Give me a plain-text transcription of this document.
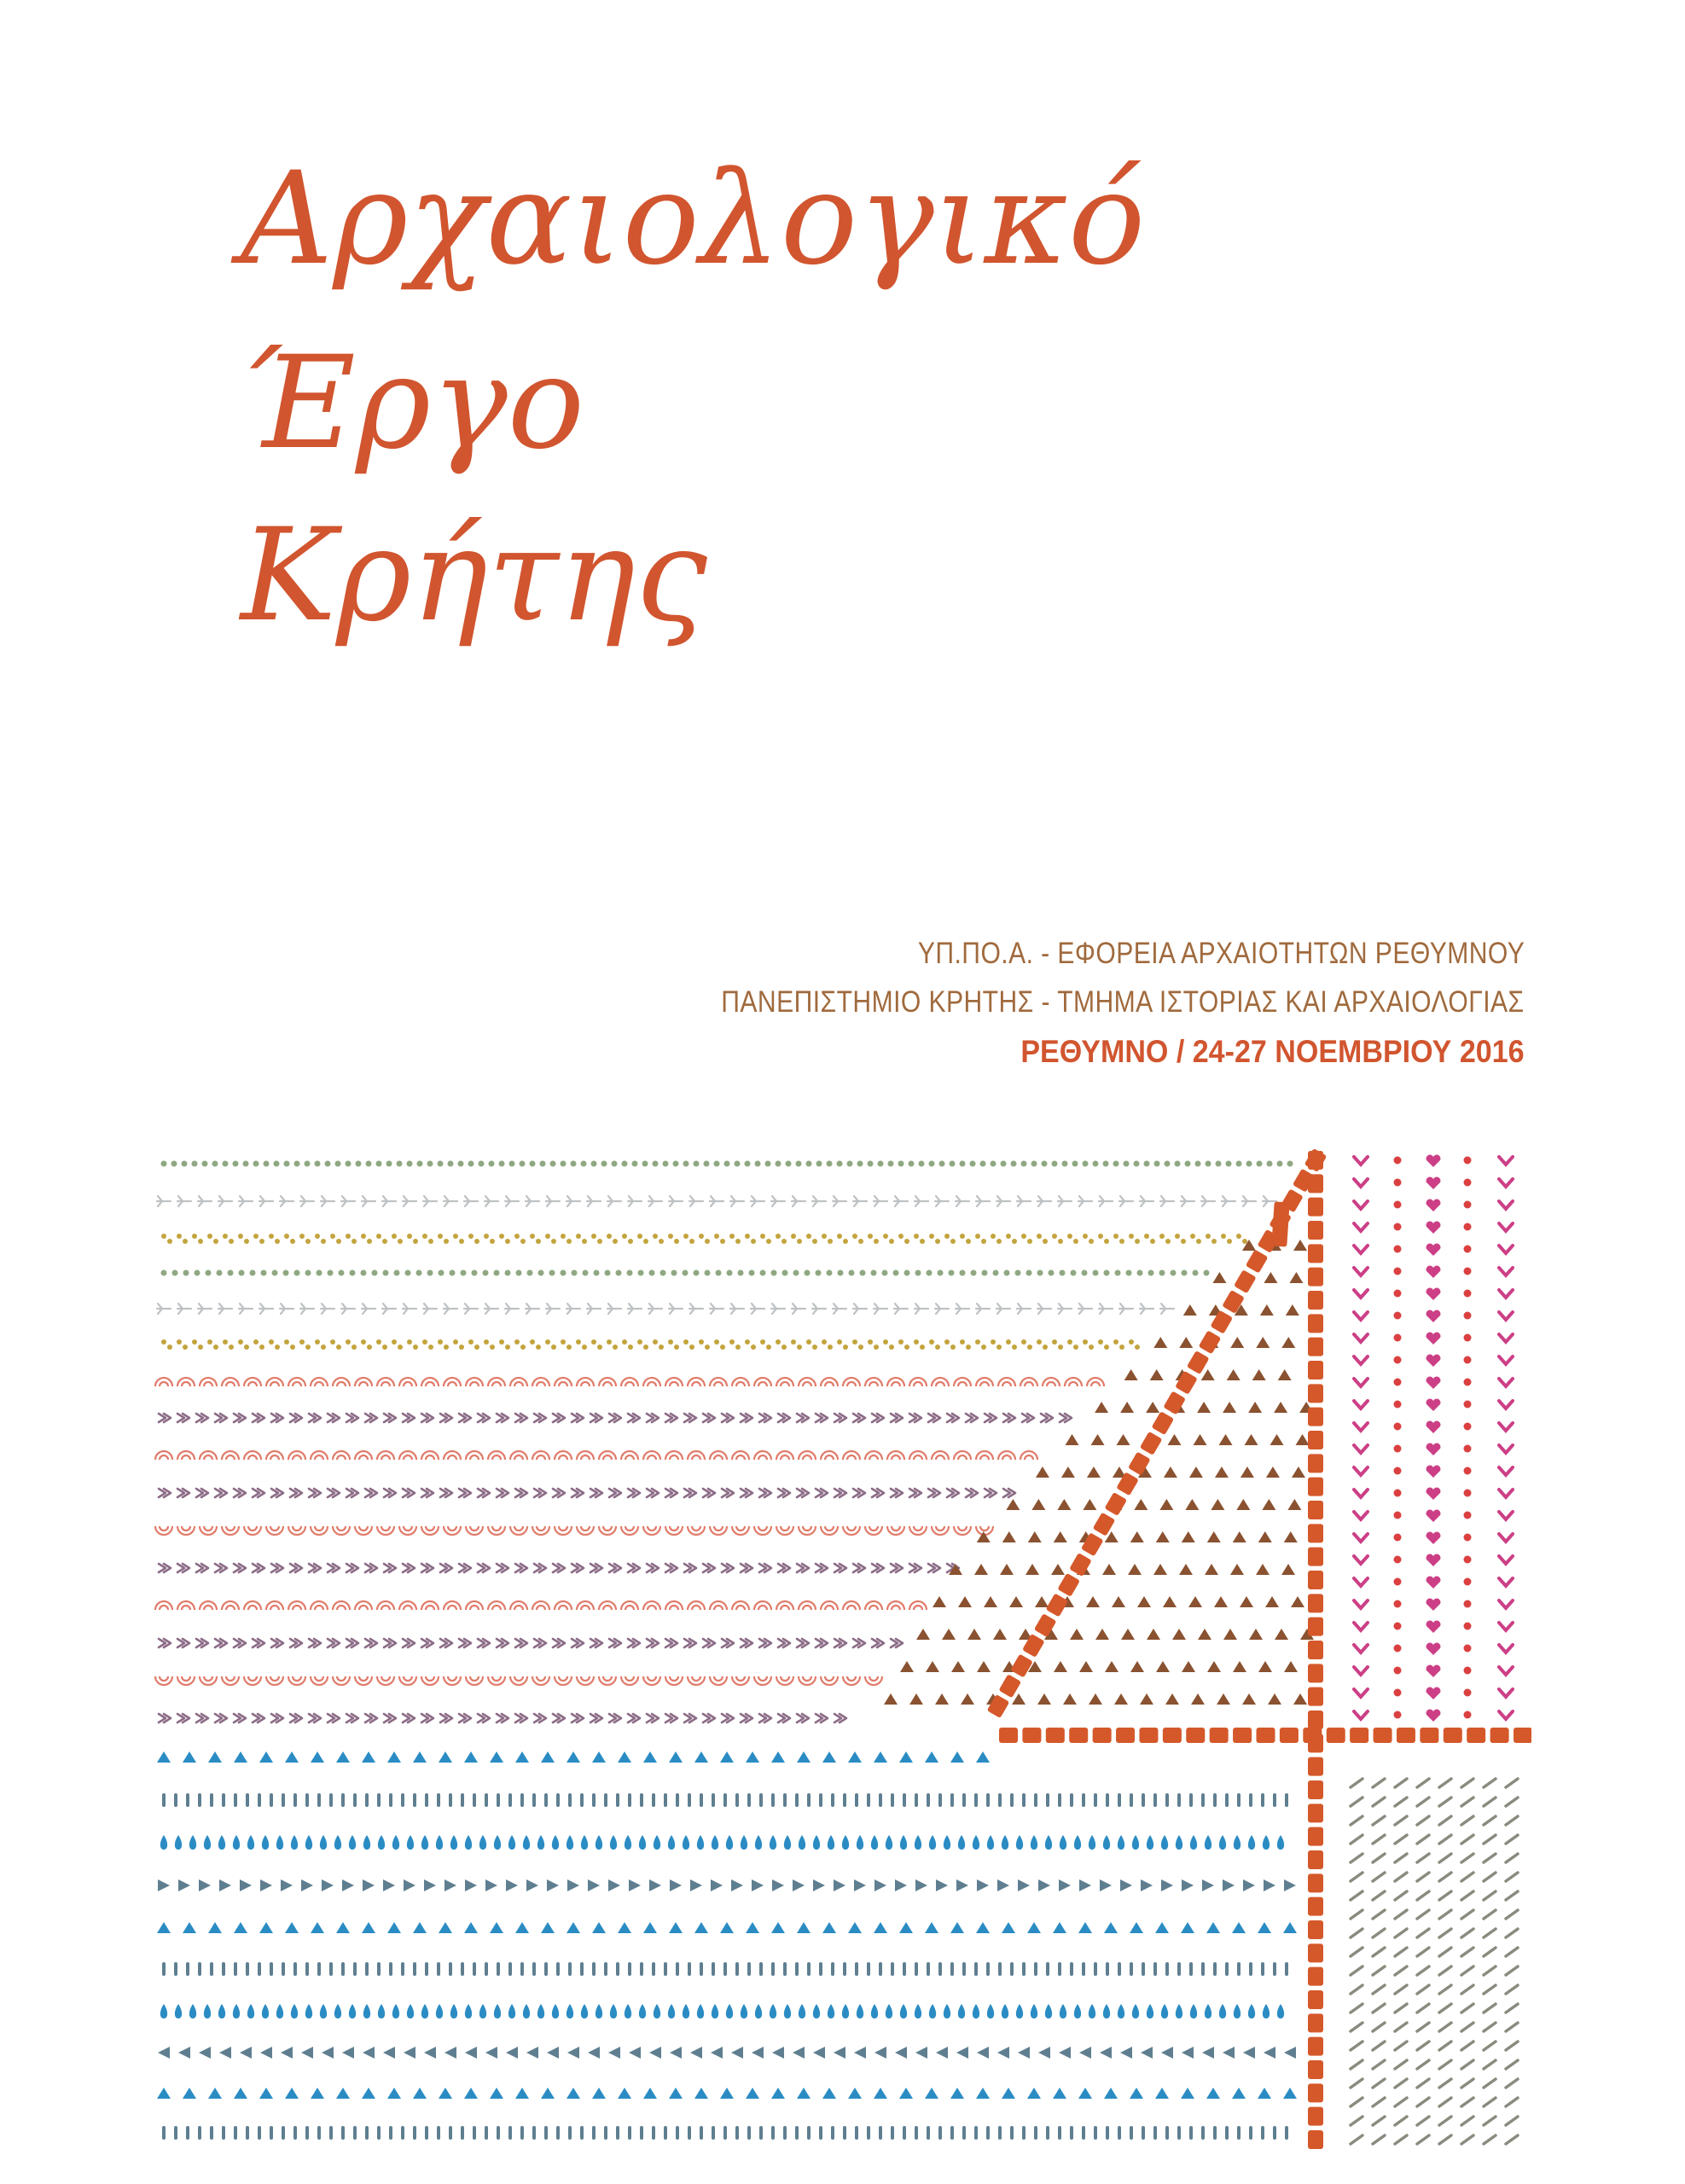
Αρχαιολογικό
Έργο
Κρήτης
ΥΠ.ΠΟ.Α. - ΕΦΟΡΕΙΑ ΑΡΧΑΙΟΤΗΤΩΝ ΡΕΘΥΜΝΟΥ
ΠΑΝΕΠΙΣΤΗΜΙΟ ΚΡΗΤΗΣ - ΤΜΗΜΑ ΙΣΤΟΡΙΑΣ ΚΑΙ ΑΡΧΑΙΟΛΟΓΙΑΣ
ΡΕΘΥΜΝΟ / 24-27 ΝΟΕΜΒΡΙΟΥ 2016
